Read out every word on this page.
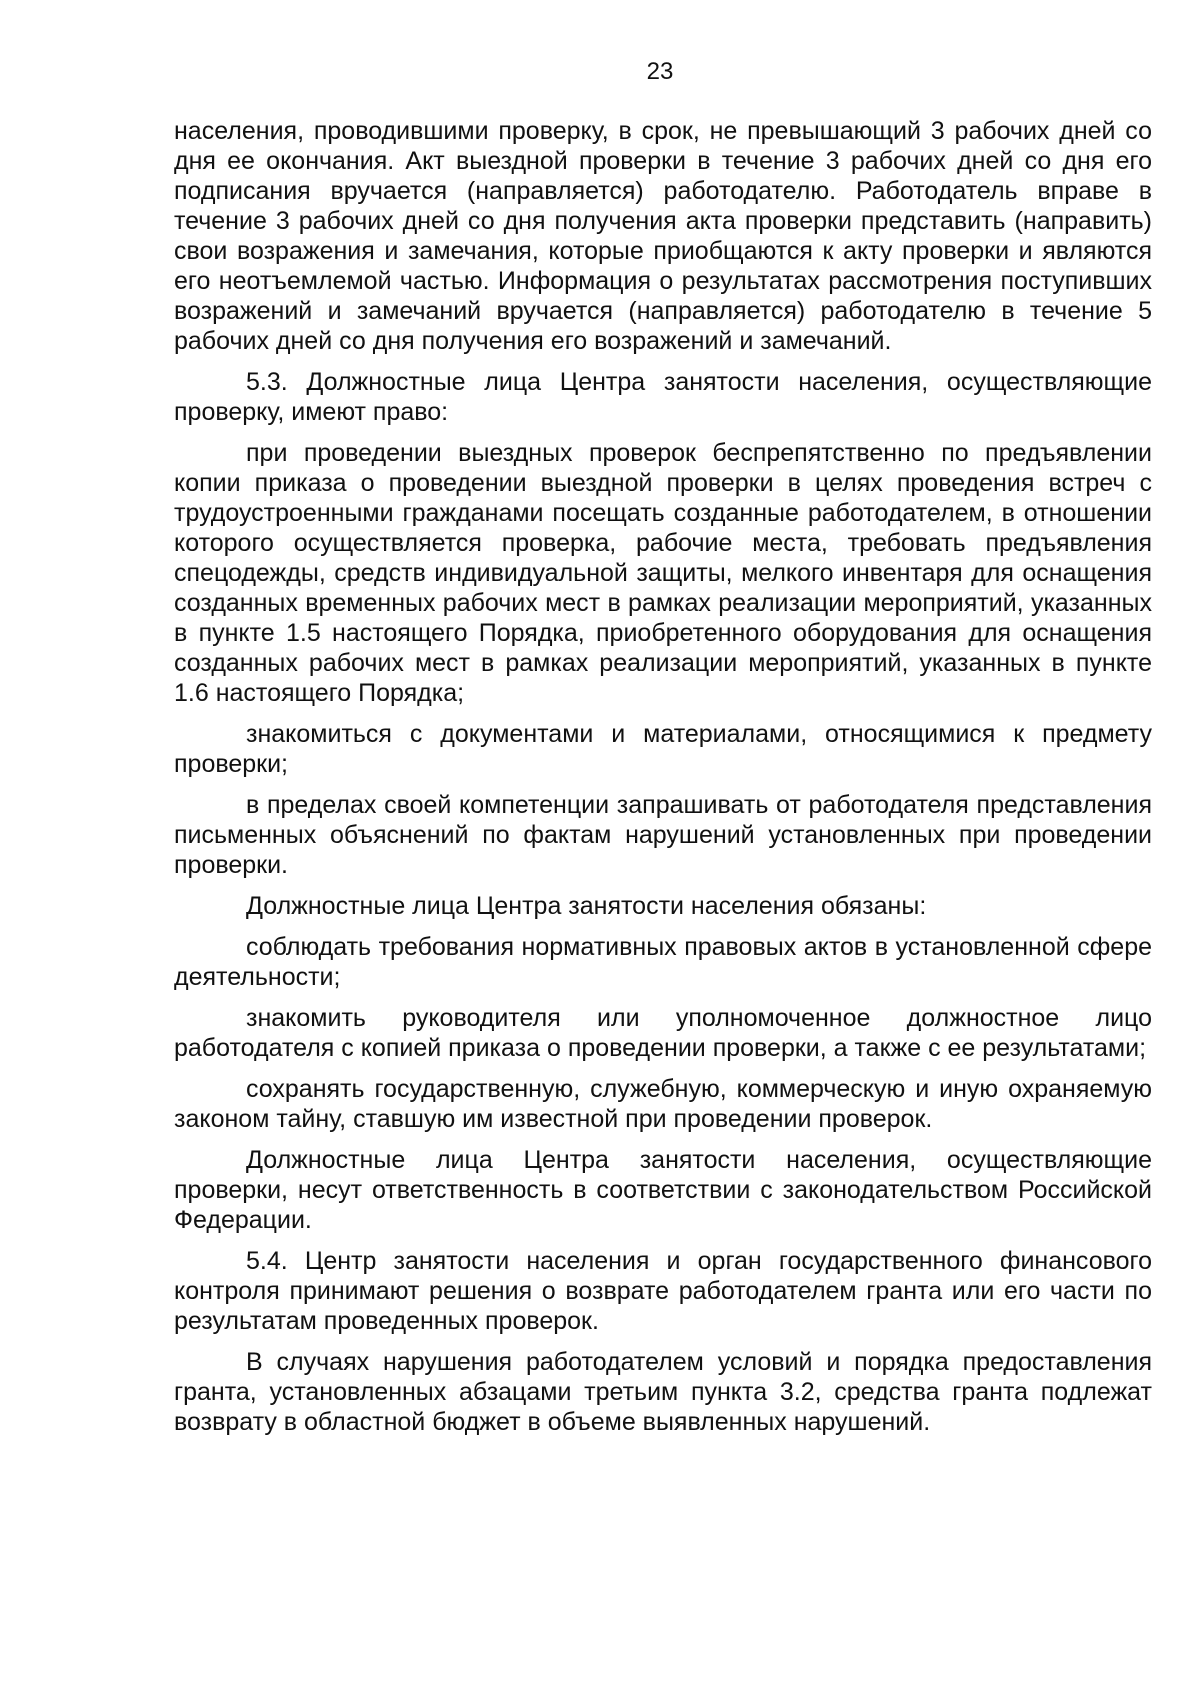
23

населения, проводившими проверку, в срок, не превышающий 3 рабочих дней со дня ее окончания. Акт выездной проверки в течение 3 рабочих дней со дня его подписания вручается (направляется) работодателю. Работодатель вправе в течение 3 рабочих дней со дня получения акта проверки представить (направить) свои возражения и замечания, которые приобщаются к акту проверки и являются его неотъемлемой частью. Информация о результатах рассмотрения поступивших возражений и замечаний вручается (направляется) работодателю в течение 5 рабочих дней со дня получения его возражений и замечаний.

5.3. Должностные лица Центра занятости населения, осуществляющие проверку, имеют право:

при проведении выездных проверок беспрепятственно по предъявлении копии приказа о проведении выездной проверки в целях проведения встреч с трудоустроенными гражданами посещать созданные работодателем, в отношении которого осуществляется проверка, рабочие места, требовать предъявления спецодежды, средств индивидуальной защиты, мелкого инвентаря для оснащения созданных временных рабочих мест в рамках реализации мероприятий, указанных в пункте 1.5 настоящего Порядка, приобретенного оборудования для оснащения созданных рабочих мест в рамках реализации мероприятий, указанных в пункте 1.6 настоящего Порядка;

знакомиться с документами и материалами, относящимися к предмету проверки;

в пределах своей компетенции запрашивать от работодателя представления письменных объяснений по фактам нарушений установленных при проведении проверки.

Должностные лица Центра занятости населения обязаны:

соблюдать требования нормативных правовых актов в установленной сфере деятельности;

знакомить руководителя или уполномоченное должностное лицо работодателя с копией приказа о проведении проверки, а также с ее результатами;

сохранять государственную, служебную, коммерческую и иную охраняемую законом тайну, ставшую им известной при проведении проверок.

Должностные лица Центра занятости населения, осуществляющие проверки, несут ответственность в соответствии с законодательством Российской Федерации.

5.4. Центр занятости населения и орган государственного финансового контроля принимают решения о возврате работодателем гранта или его части по результатам проведенных проверок.

В случаях нарушения работодателем условий и порядка предоставления гранта, установленных абзацами третьим пункта 3.2, средства гранта подлежат возврату в областной бюджет в объеме выявленных нарушений.
